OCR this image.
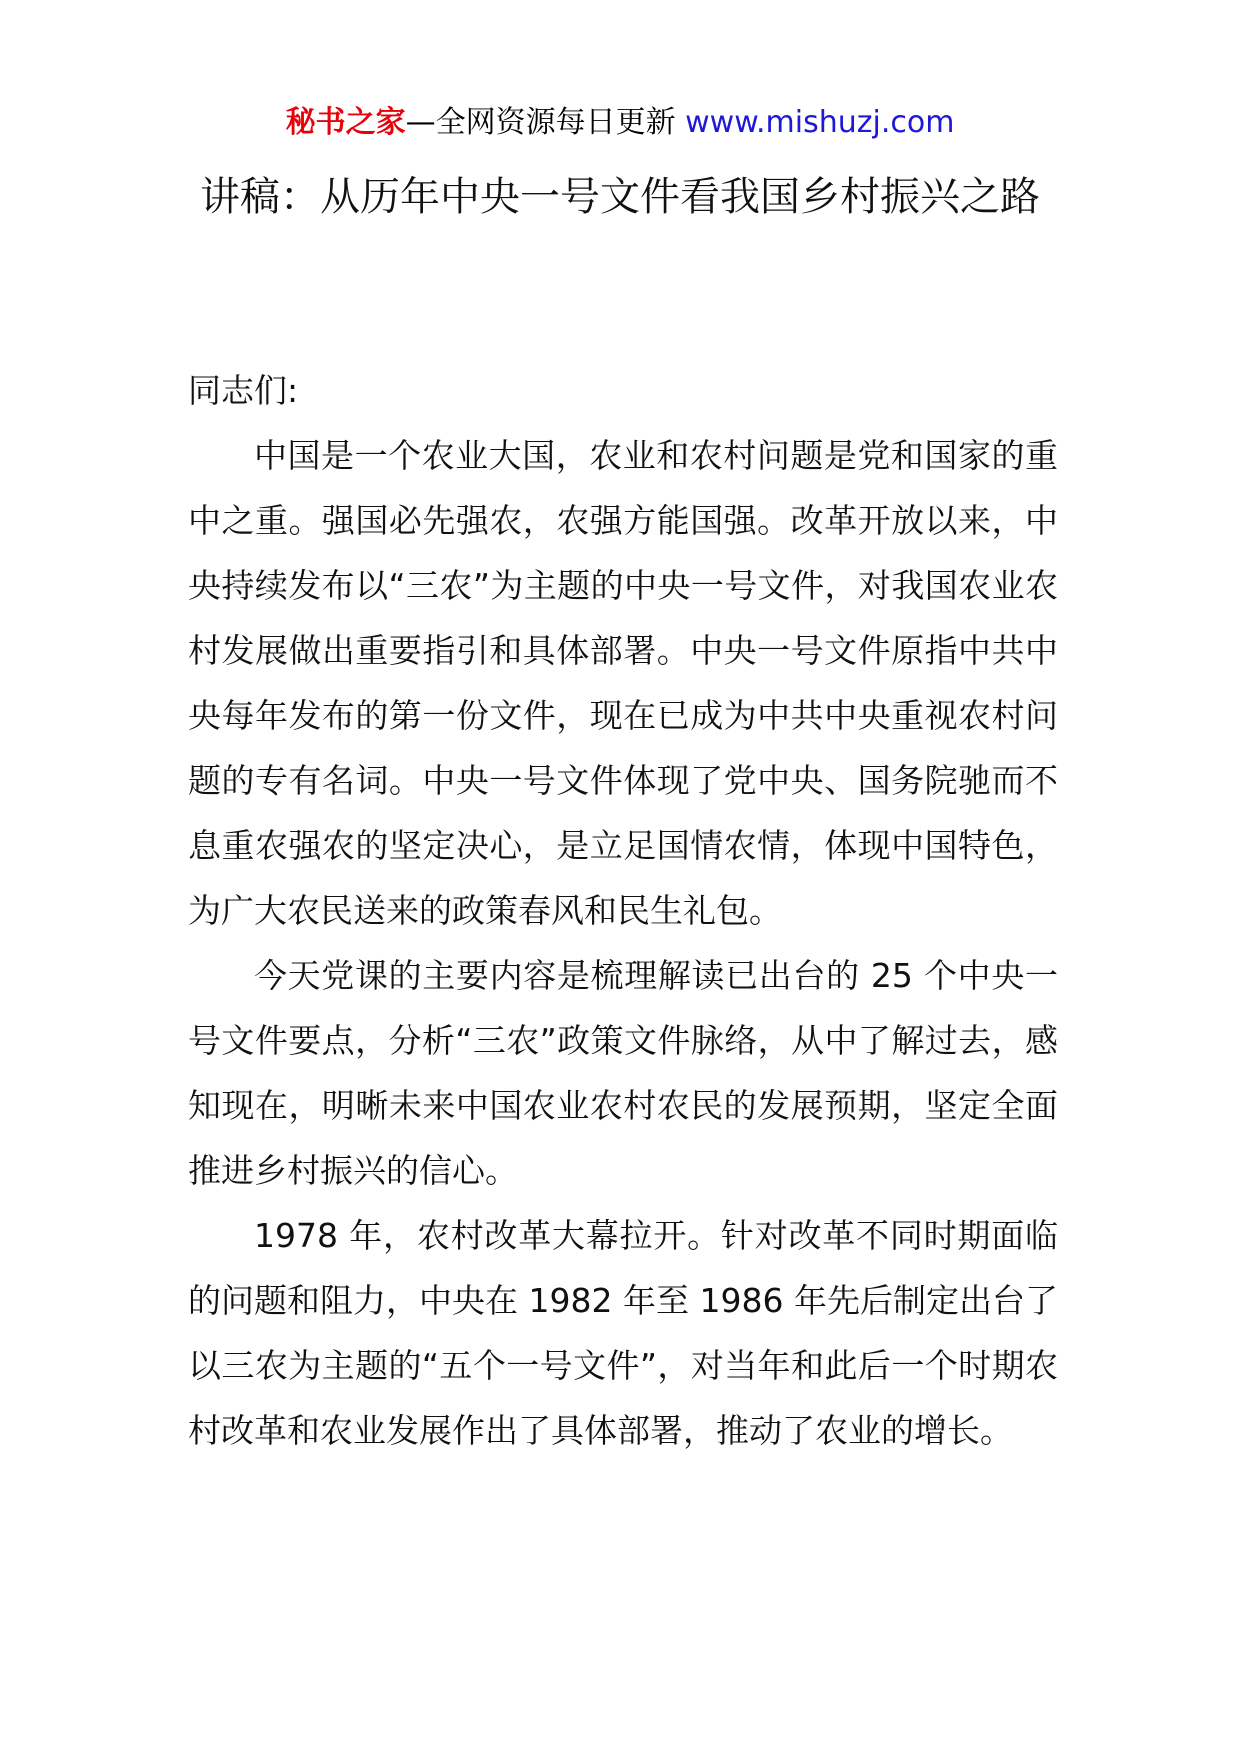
秘书之家—全网资源每日更新 www.mishuzj.com
讲稿：从历年中央一号文件看我国乡村振兴之路

同志们:

中国是一个农业大国，农业和农村问题是党和国家的重中之重。强国必先强农，农强方能国强。改革开放以来，中央持续发布以“三农”为主题的中央一号文件，对我国农业农村发展做出重要指引和具体部署。中央一号文件原指中共中央每年发布的第一份文件，现在已成为中共中央重视农村问题的专有名词。中央一号文件体现了党中央、国务院驰而不息重农强农的坚定决心，是立足国情农情，体现中国特色，为广大农民送来的政策春风和民生礼包。

今天党课的主要内容是梳理解读已出台的 25 个中央一号文件要点，分析“三农”政策文件脉络，从中了解过去，感知现在，明晰未来中国农业农村农民的发展预期，坚定全面推进乡村振兴的信心。

1978 年，农村改革大幕拉开。针对改革不同时期面临的问题和阻力，中央在 1982 年至 1986 年先后制定出台了以三农为主题的“五个一号文件”，对当年和此后一个时期农村改革和农业发展作出了具体部署，推动了农业的增长。
